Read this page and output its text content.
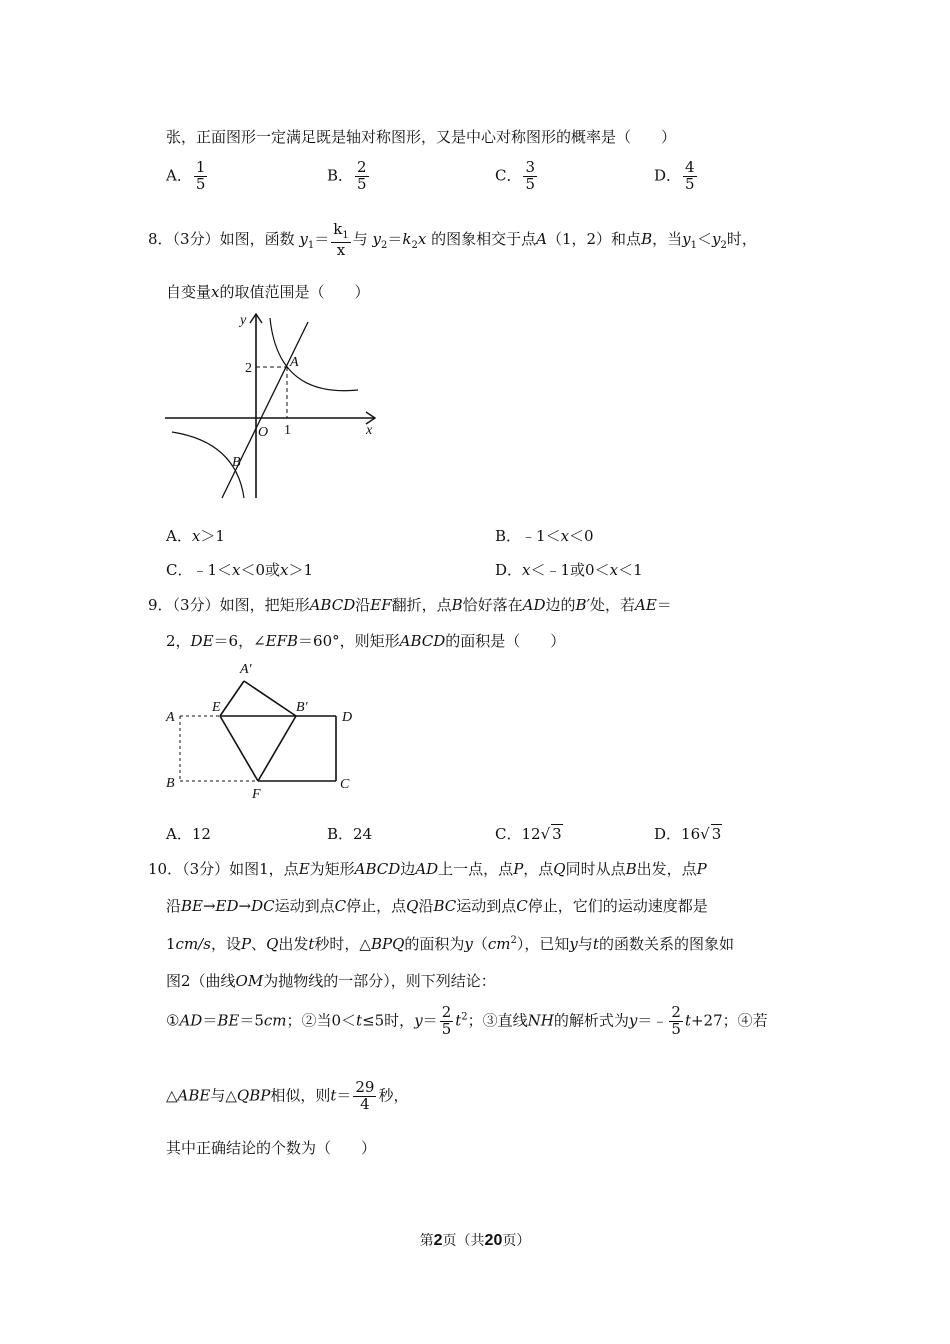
张，正面图形一定满足既是轴对称图形，又是中心对称图形的概率是（　　）
A． $\frac{1}{5}$	B． $\frac{2}{5}$	C． $\frac{3}{5}$	D． $\frac{4}{5}$
8．（3分）如图，函数 $y_1= \frac{k_1}{x}$ 与 $y_2=k_2x$ 的图象相交于点A（1，2）和点B，当$y_1<y_2$时，
自变量x的取值范围是（　　）
y
x
O 1
2	A
B
A．x＞1	B．﹣1＜x＜0
C．﹣1＜x＜0或x＞1	D．x＜﹣1或0＜x＜1
9．（3分）如图，把矩形ABCD沿EF翻折，点B恰好落在AD边的B′处，若AE＝
2，DE＝6，∠EFB＝60°，则矩形ABCD的面积是（　　）
A′
A
E	B′
D
B
F
C
A．12	B．24	C．12√ 3	D．16√ 3
10．（3分）如图1，点E为矩形ABCD边AD上一点，点P，点Q同时从点B出发，点P
沿BE→ED→DC运动到点C停止，点Q沿BC运动到点C停止，它们的运动速度都是
1cm/s，设P、Q出发t秒时，△BPQ的面积为$y(cm^2)$，已知y与t的函数关系的图象如
图2（曲线OM为抛物线的一部分），则下列结论：
①AD＝BE＝5cm；②当0＜t≤5时，$y= \frac{2}{5} t^2$；③直线NH的解析式为y＝﹣ $\frac{2}{5} t+27$；④若
△ABE与△QBP相似，则$t= \frac{29}{4}$ 秒，
其中正确结论的个数为（　　）
第2页（共20页）
